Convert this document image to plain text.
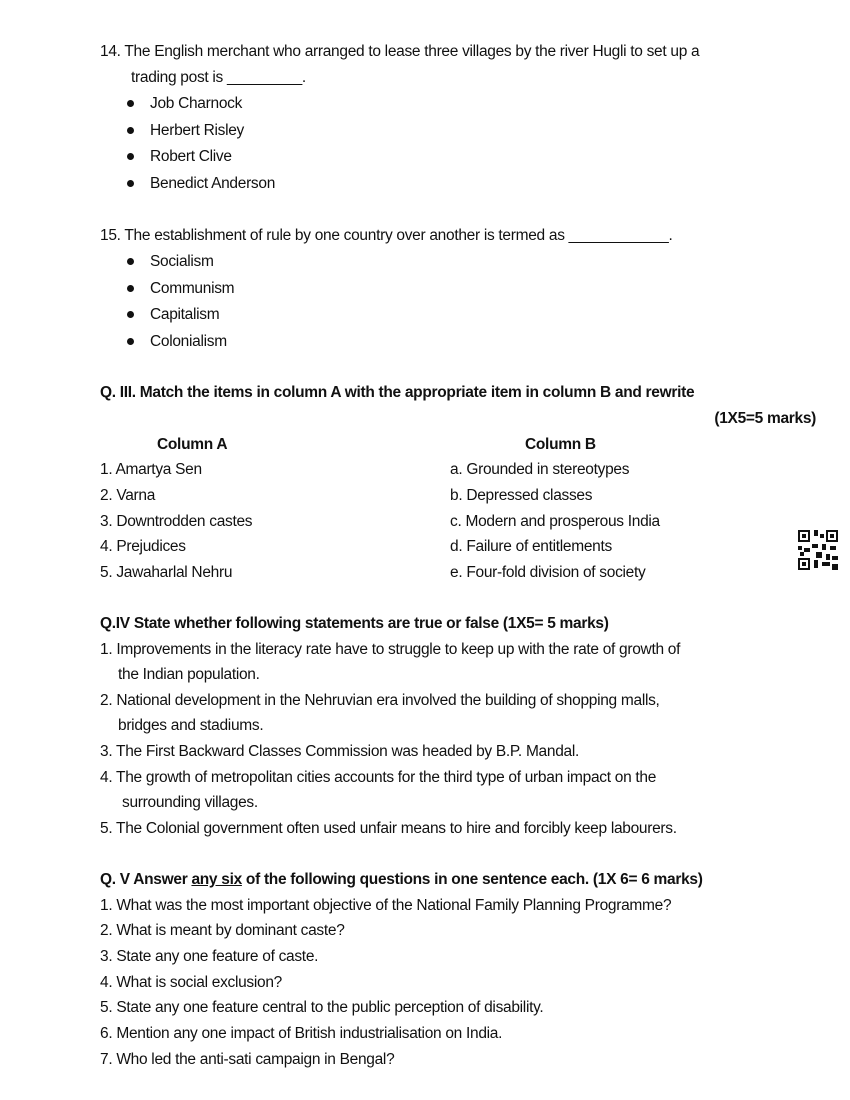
14. The English merchant who arranged to lease three villages by the river Hugli to set up a
trading post is _________.
Job Charnock
Herbert Risley
Robert Clive
Benedict Anderson
15. The establishment of rule by one country over another is termed as ____________.
Socialism
Communism
Capitalism
Colonialism
Q. III. Match the items in column A with the appropriate item in column B and rewrite
(1X5=5 marks)
Column A	Column B
1. Amartya Sen
2. Varna
3. Downtrodden castes
4. Prejudices
5. Jawaharlal Nehru
a. Grounded in stereotypes
b. Depressed classes
c. Modern and prosperous India
d. Failure of entitlements
e. Four-fold division of society
Q.IV State whether following statements are true or false (1X5= 5 marks)
1. Improvements in the literacy rate have to struggle to keep up with the rate of growth of
the Indian population.
2. National development in the Nehruvian era involved the building of shopping malls,
bridges and stadiums.
3. The First Backward Classes Commission was headed by B.P. Mandal.
4. The growth of metropolitan cities accounts for the third type of urban impact on the
surrounding villages.
5. The Colonial government often used unfair means to hire and forcibly keep labourers.
Q. V Answer any six of the following questions in one sentence each. (1X 6= 6 marks)
1. What was the most important objective of the National Family Planning Programme?
2. What is meant by dominant caste?
3. State any one feature of caste.
4. What is social exclusion?
5. State any one feature central to the public perception of disability.
6. Mention any one impact of British industrialisation on India.
7. Who led the anti-sati campaign in Bengal?
